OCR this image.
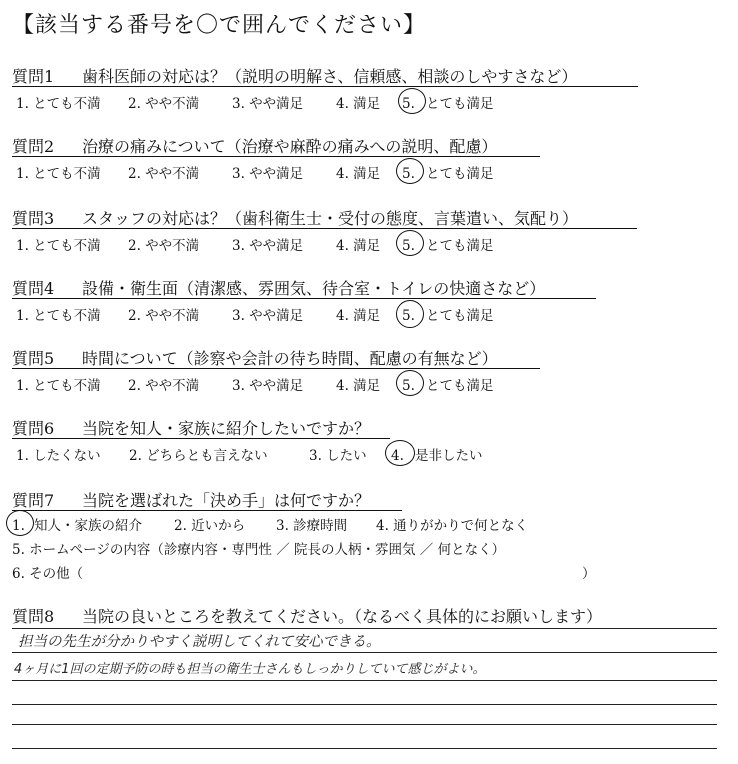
【該当する番号を〇で囲んでください】
質問1 歯科医師の対応は？（説明の明解さ、信頼感、相談のしやすさなど）
1. とても不満 2. やや不満 3. やや満足 4. 満足 5. とても満足
質問2 治療の痛みについて（治療や麻酔の痛みへの説明、配慮）
1. とても不満 2. やや不満 3. やや満足 4. 満足 5. とても満足
質問3 スタッフの対応は？（歯科衛生士・受付の態度、言葉遣い、気配り）
1. とても不満 2. やや不満 3. やや満足 4. 満足 5. とても満足
質問4 設備・衛生面（清潔感、雰囲気、待合室・トイレの快適さなど）
1. とても不満 2. やや不満 3. やや満足 4. 満足 5. とても満足
質問5 時間について（診察や会計の待ち時間、配慮の有無など）
1. とても不満 2. やや不満 3. やや満足 4. 満足 5. とても満足
質問6 当院を知人・家族に紹介したいですか？
1. したくない 2. どちらとも言えない	3. したい 4. 是非したい
質問7 当院を選ばれた「決め手」は何ですか？
1. 知人・家族の紹介 2. 近いから 3. 診療時間 4. 通りがかりで何となく
5. ホームページの内容（診療内容・専門性 ／ 院長の人柄・雰囲気 ／ 何となく）
6. その他（	）
質問8 当院の良いところを教えてください。（なるべく具体的にお願いします）
担当の先生が分かりやすく説明してくれて安心できる。
4ヶ月に1回の定期予防の時も担当の衛生士さんもしっかりしていて感じがよい。
